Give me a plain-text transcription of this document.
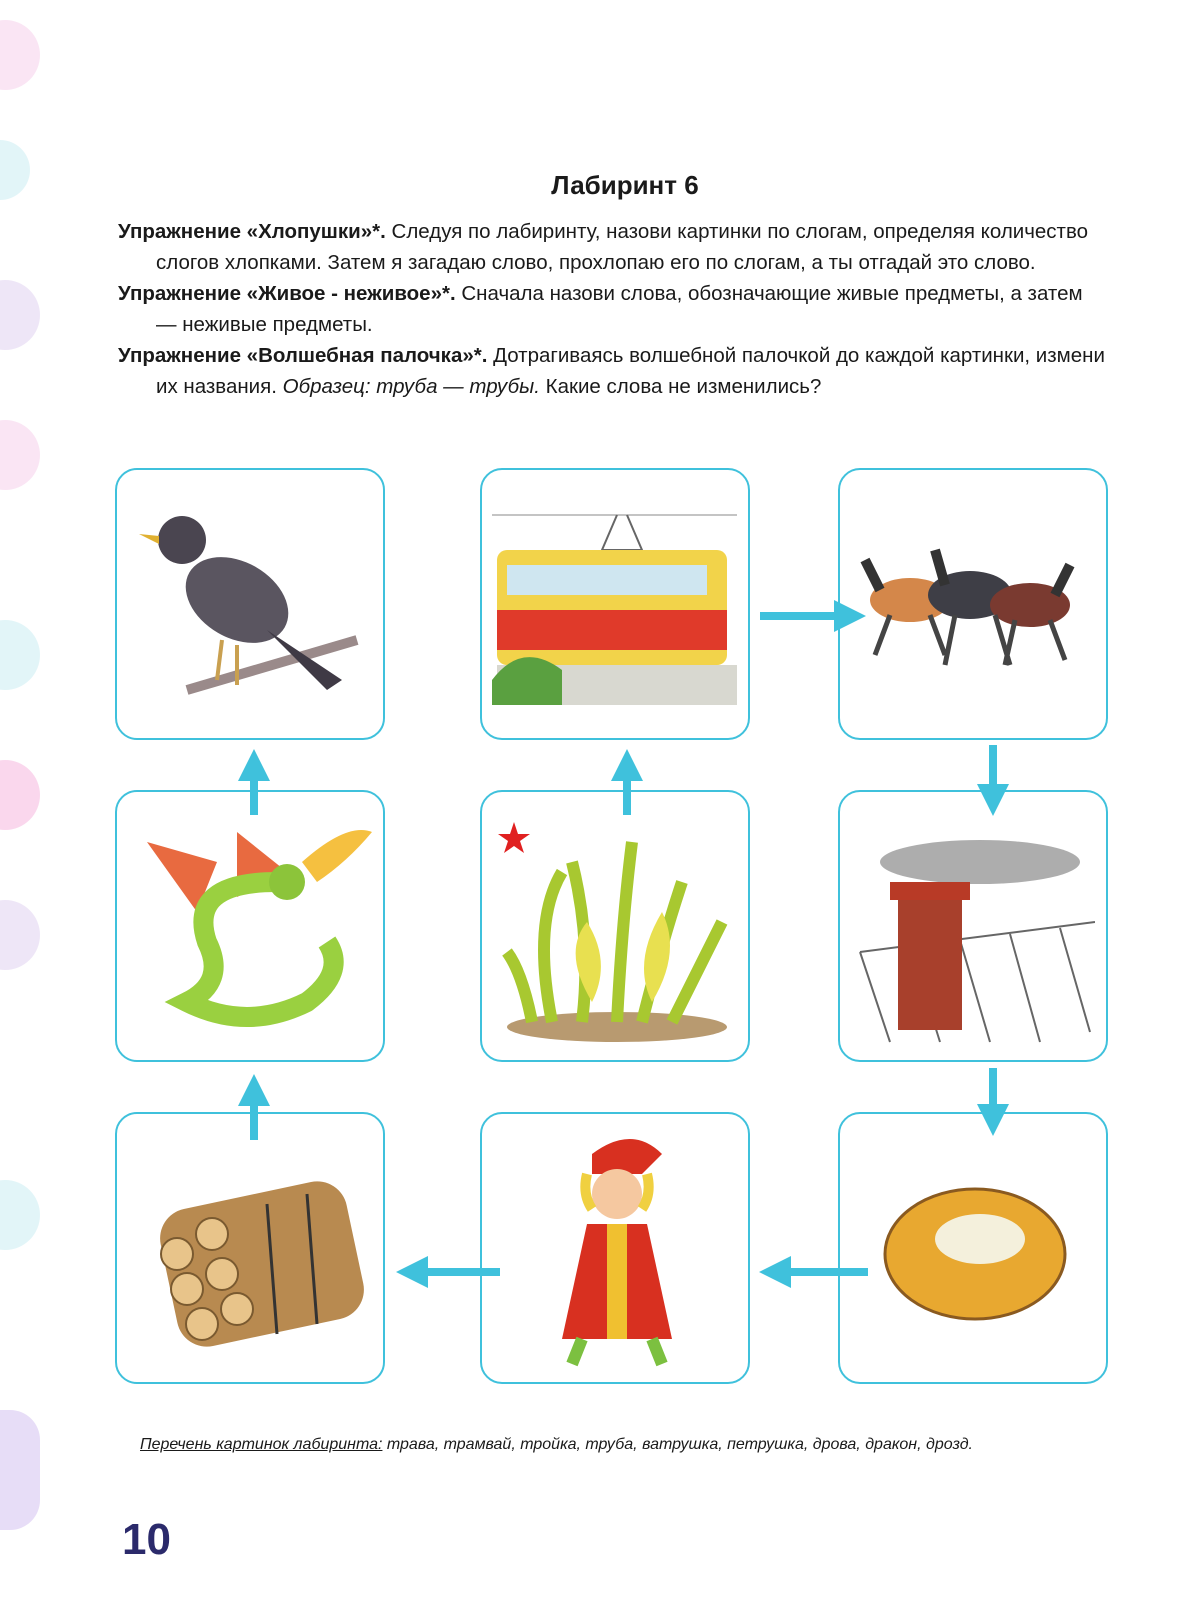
Лабиринт 6

Упражнение «Хлопушки»*. Следуя по лабиринту, назови картинки по слогам, определяя количество слогов хлопками. Затем я загадаю слово, прохлопаю его по слогам, а ты отгадай это слово.

Упражнение «Живое - неживое»*. Сначала назови слова, обозначающие живые предметы, а затем — неживые предметы.

Упражнение «Волшебная палочка»*. Дотрагиваясь волшебной палочкой до каждой картинки, измени их названия. Образец: труба — трубы. Какие слова не изменились?

Перечень картинок лабиринта: трава, трамвай, тройка, труба, ватрушка, петрушка, дрова, дракон, дрозд.
10
